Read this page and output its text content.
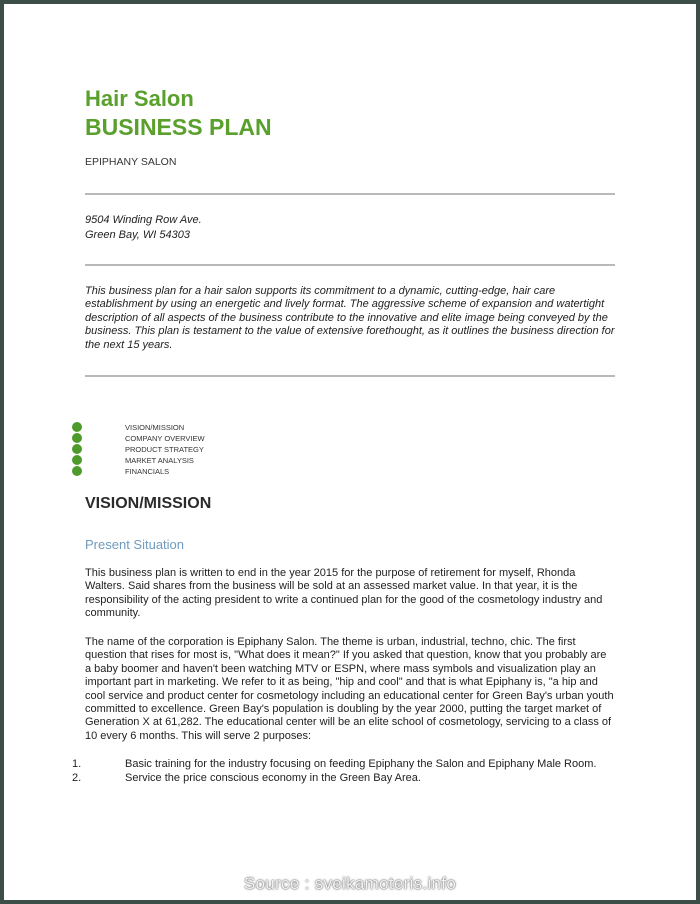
Hair Salon
BUSINESS PLAN
EPIPHANY SALON
9504 Winding Row Ave.
Green Bay, WI 54303
This business plan for a hair salon supports its commitment to a dynamic, cutting-edge, hair care establishment by using an energetic and lively format. The aggressive scheme of expansion and watertight description of all aspects of the business contribute to the innovative and elite image being conveyed by the business. This plan is testament to the value of extensive forethought, as it outlines the business direction for the next 15 years.
VISION/MISSION
COMPANY OVERVIEW
PRODUCT STRATEGY
MARKET ANALYSIS
FINANCIALS
VISION/MISSION
Present Situation
This business plan is written to end in the year 2015 for the purpose of retirement for myself, Rhonda Walters. Said shares from the business will be sold at an assessed market value. In that year, it is the responsibility of the acting president to write a continued plan for the good of the cosmetology industry and community.
The name of the corporation is Epiphany Salon. The theme is urban, industrial, techno, chic. The first question that rises for most is, "What does it mean?" If you asked that question, know that you probably are a baby boomer and haven't been watching MTV or ESPN, where mass symbols and visualization play an important part in marketing. We refer to it as being, "hip and cool" and that is what Epiphany is, "a hip and cool service and product center for cosmetology including an educational center for Green Bay's urban youth committed to excellence. Green Bay's population is doubling by the year 2000, putting the target market of Generation X at 61,282. The educational center will be an elite school of cosmetology, servicing to a class of 10 every 6 months. This will serve 2 purposes:
1.	Basic training for the industry focusing on feeding Epiphany the Salon and Epiphany Male Room.
2.	Service the price conscious economy in the Green Bay Area.
Source : sveikamoteris.info
